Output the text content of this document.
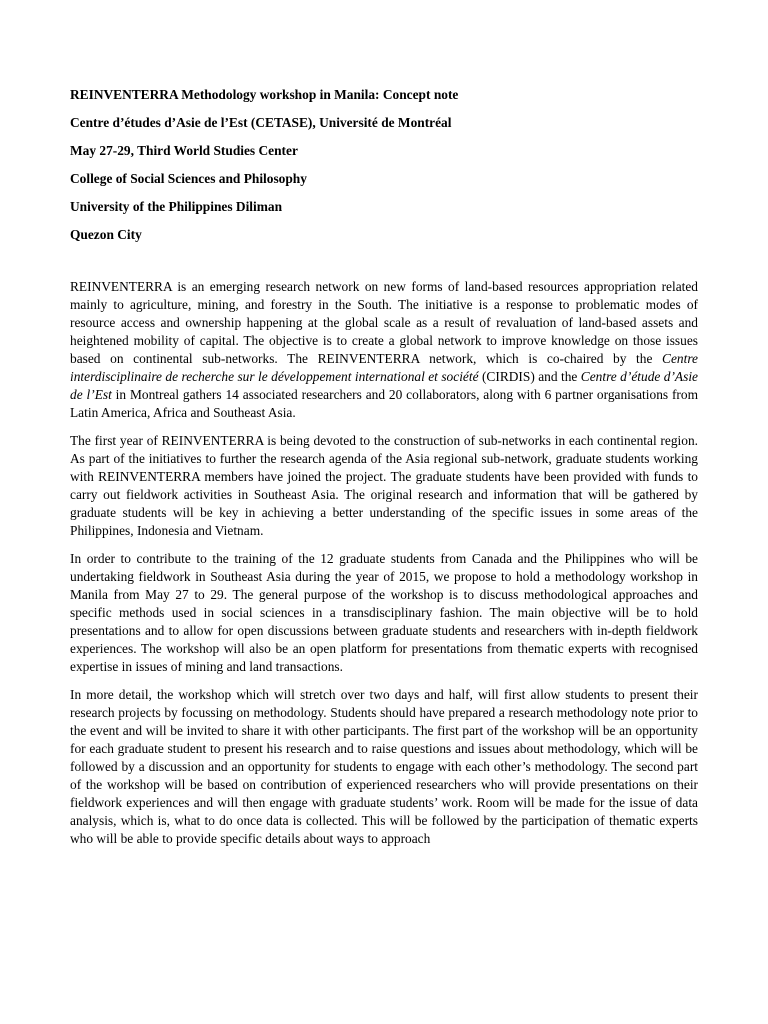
REINVENTERRA Methodology workshop in Manila: Concept note
Centre d’études d’Asie de l’Est (CETASE), Université de Montréal
May 27-29, Third World Studies Center
College of Social Sciences and Philosophy
University of the Philippines Diliman
Quezon City

REINVENTERRA is an emerging research network on new forms of land-based resources appropriation related mainly to agriculture, mining, and forestry in the South. The initiative is a response to problematic modes of resource access and ownership happening at the global scale as a result of revaluation of land-based assets and heightened mobility of capital. The objective is to create a global network to improve knowledge on those issues based on continental sub-networks. The REINVENTERRA network, which is co-chaired by the Centre interdisciplinaire de recherche sur le développement international et société (CIRDIS) and the Centre d’étude d’Asie de l’Est in Montreal gathers 14 associated researchers and 20 collaborators, along with 6 partner organisations from Latin America, Africa and Southeast Asia.

The first year of REINVENTERRA is being devoted to the construction of sub-networks in each continental region. As part of the initiatives to further the research agenda of the Asia regional sub-network, graduate students working with REINVENTERRA members have joined the project. The graduate students have been provided with funds to carry out fieldwork activities in Southeast Asia. The original research and information that will be gathered by graduate students will be key in achieving a better understanding of the specific issues in some areas of the Philippines, Indonesia and Vietnam.

In order to contribute to the training of the 12 graduate students from Canada and the Philippines who will be undertaking fieldwork in Southeast Asia during the year of 2015, we propose to hold a methodology workshop in Manila from May 27 to 29. The general purpose of the workshop is to discuss methodological approaches and specific methods used in social sciences in a transdisciplinary fashion. The main objective will be to hold presentations and to allow for open discussions between graduate students and researchers with in-depth fieldwork experiences. The workshop will also be an open platform for presentations from thematic experts with recognised expertise in issues of mining and land transactions.

In more detail, the workshop which will stretch over two days and half, will first allow students to present their research projects by focussing on methodology. Students should have prepared a research methodology note prior to the event and will be invited to share it with other participants. The first part of the workshop will be an opportunity for each graduate student to present his research and to raise questions and issues about methodology, which will be followed by a discussion and an opportunity for students to engage with each other’s methodology. The second part of the workshop will be based on contribution of experienced researchers who will provide presentations on their fieldwork experiences and will then engage with graduate students’ work. Room will be made for the issue of data analysis, which is, what to do once data is collected. This will be followed by the participation of thematic experts who will be able to provide specific details about ways to approach
